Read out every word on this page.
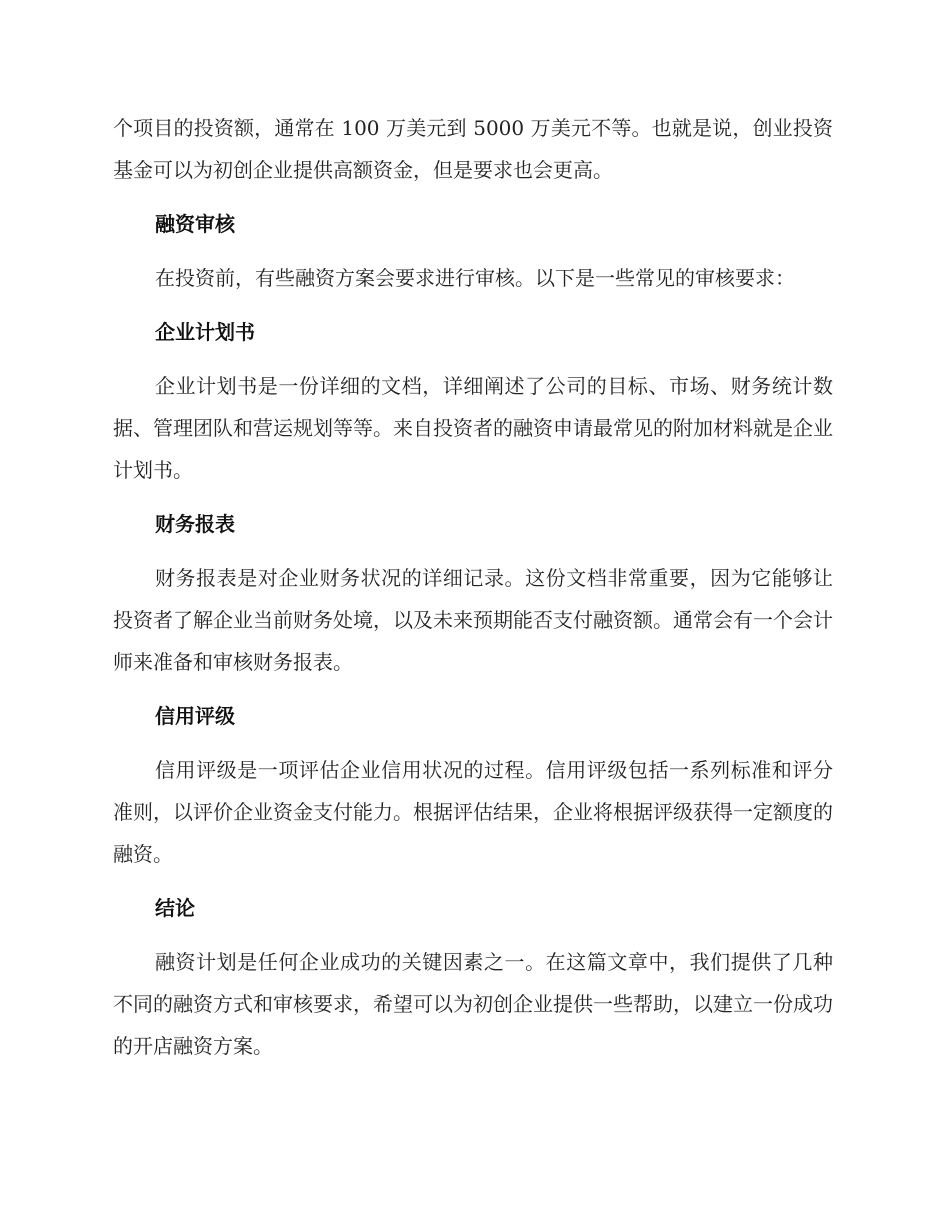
个项目的投资额，通常在 100 万美元到 5000 万美元不等。也就是说，创业投资基金可以为初创企业提供高额资金，但是要求也会更高。

融资审核

在投资前，有些融资方案会要求进行审核。以下是一些常见的审核要求：

企业计划书

企业计划书是一份详细的文档，详细阐述了公司的目标、市场、财务统计数据、管理团队和营运规划等等。来自投资者的融资申请最常见的附加材料就是企业计划书。

财务报表

财务报表是对企业财务状况的详细记录。这份文档非常重要，因为它能够让投资者了解企业当前财务处境，以及未来预期能否支付融资额。通常会有一个会计师来准备和审核财务报表。

信用评级

信用评级是一项评估企业信用状况的过程。信用评级包括一系列标准和评分准则，以评价企业资金支付能力。根据评估结果，企业将根据评级获得一定额度的融资。

结论

融资计划是任何企业成功的关键因素之一。在这篇文章中，我们提供了几种不同的融资方式和审核要求，希望可以为初创企业提供一些帮助，以建立一份成功的开店融资方案。
